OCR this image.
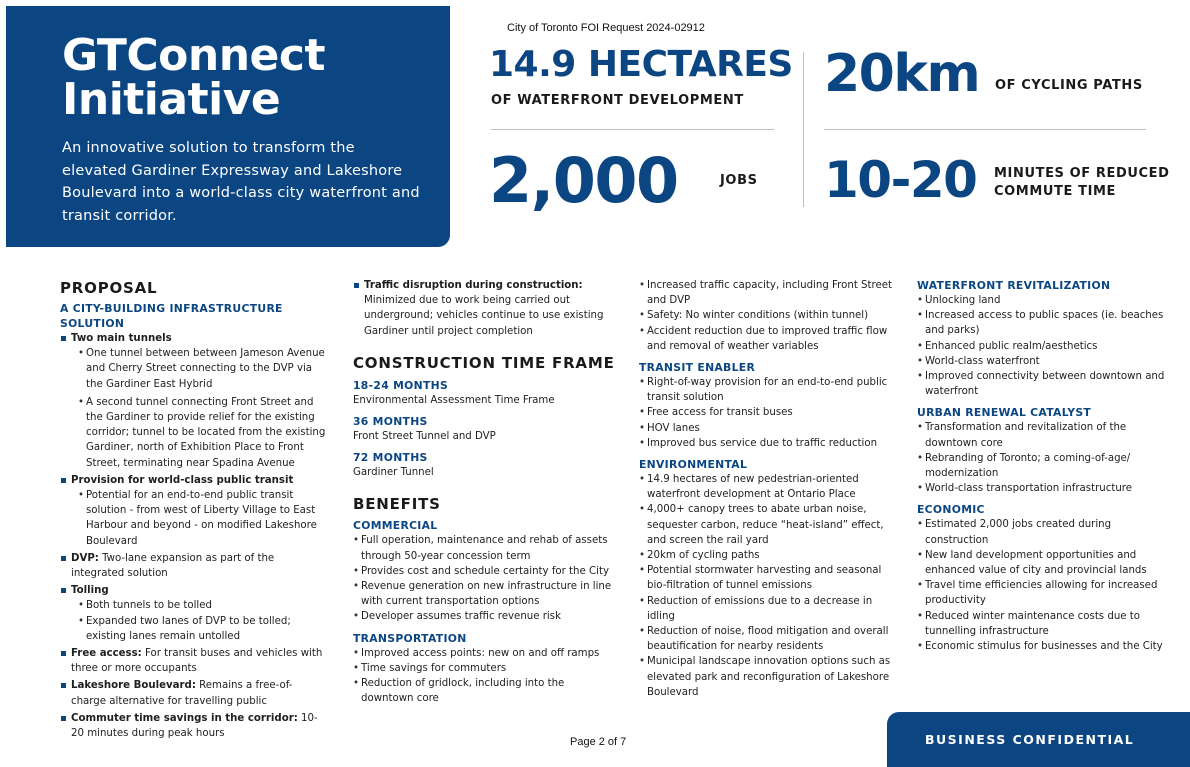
GTConnect
Initiative

An innovative solution to transform the elevated Gardiner Expressway and Lakeshore Boulevard into a world-class city waterfront and transit corridor.

City of Toronto FOI Request 2024-02912
14.9 HECTARES
OF WATERFRONT DEVELOPMENT 20km OF CYCLING PATHS
2,000	JOBS 10-20 MINUTES OF REDUCED
COMMUTE TIME
PROPOSAL
A CITY-BUILDING INFRASTRUCTURE SOLUTION
Two main tunnels
• One tunnel between between Jameson Avenue and Cherry Street connecting to the DVP via the Gardiner East Hybrid
• A second tunnel connecting Front Street and the Gardiner to provide relief for the existing corridor; tunnel to be located from the existing Gardiner, north of Exhibition Place to Front Street, terminating near Spadina Avenue
Provision for world-class public transit
• Potential for an end-to-end public transit solution - from west of Liberty Village to East Harbour and beyond - on modified Lakeshore Boulevard
DVP: Two-lane expansion as part of the integrated solution
Tolling
• Both tunnels to be tolled
• Expanded two lanes of DVP to be tolled; existing lanes remain untolled
Free access: For transit buses and vehicles with three or more occupants
Lakeshore Boulevard: Remains a free-of-charge alternative for travelling public
Commuter time savings in the corridor: 10-20 minutes during peak hours
Traffic disruption during construction: Minimized due to work being carried out underground; vehicles continue to use existing Gardiner until project completion
CONSTRUCTION TIME FRAME
18-24 MONTHS
Environmental Assessment Time Frame
36 MONTHS
Front Street Tunnel and DVP
72 MONTHS
Gardiner Tunnel
BENEFITS
COMMERCIAL
• Full operation, maintenance and rehab of assets through 50-year concession term
• Provides cost and schedule certainty for the City
• Revenue generation on new infrastructure in line with current transportation options
• Developer assumes traffic revenue risk
TRANSPORTATION
• Improved access points: new on and off ramps
• Time savings for commuters
• Reduction of gridlock, including into the downtown core
• Increased traffic capacity, including Front Street and DVP
• Safety: No winter conditions (within tunnel)
• Accident reduction due to improved traffic flow and removal of weather variables
TRANSIT ENABLER
• Right-of-way provision for an end-to-end public transit solution
• Free access for transit buses
• HOV lanes
• Improved bus service due to traffic reduction
ENVIRONMENTAL
• 14.9 hectares of new pedestrian-oriented waterfront development at Ontario Place
• 4,000+ canopy trees to abate urban noise, sequester carbon, reduce “heat-island” effect, and screen the rail yard
• 20km of cycling paths
• Potential stormwater harvesting and seasonal bio-filtration of tunnel emissions
• Reduction of emissions due to a decrease in idling
• Reduction of noise, flood mitigation and overall beautification for nearby residents
• Municipal landscape innovation options such as elevated park and reconfiguration of Lakeshore Boulevard
WATERFRONT REVITALIZATION
• Unlocking land
• Increased access to public spaces (ie. beaches and parks)
• Enhanced public realm/aesthetics
• World-class waterfront
• Improved connectivity between downtown and waterfront
URBAN RENEWAL CATALYST
• Transformation and revitalization of the downtown core
• Rebranding of Toronto; a coming-of-age/ modernization
• World-class transportation infrastructure
ECONOMIC
• Estimated 2,000 jobs created during construction
• New land development opportunities and enhanced value of city and provincial lands
• Travel time efficiencies allowing for increased productivity
• Reduced winter maintenance costs due to tunnelling infrastructure
• Economic stimulus for businesses and the City
Page 2 of 7	BUSINESS CONFIDENTIAL
